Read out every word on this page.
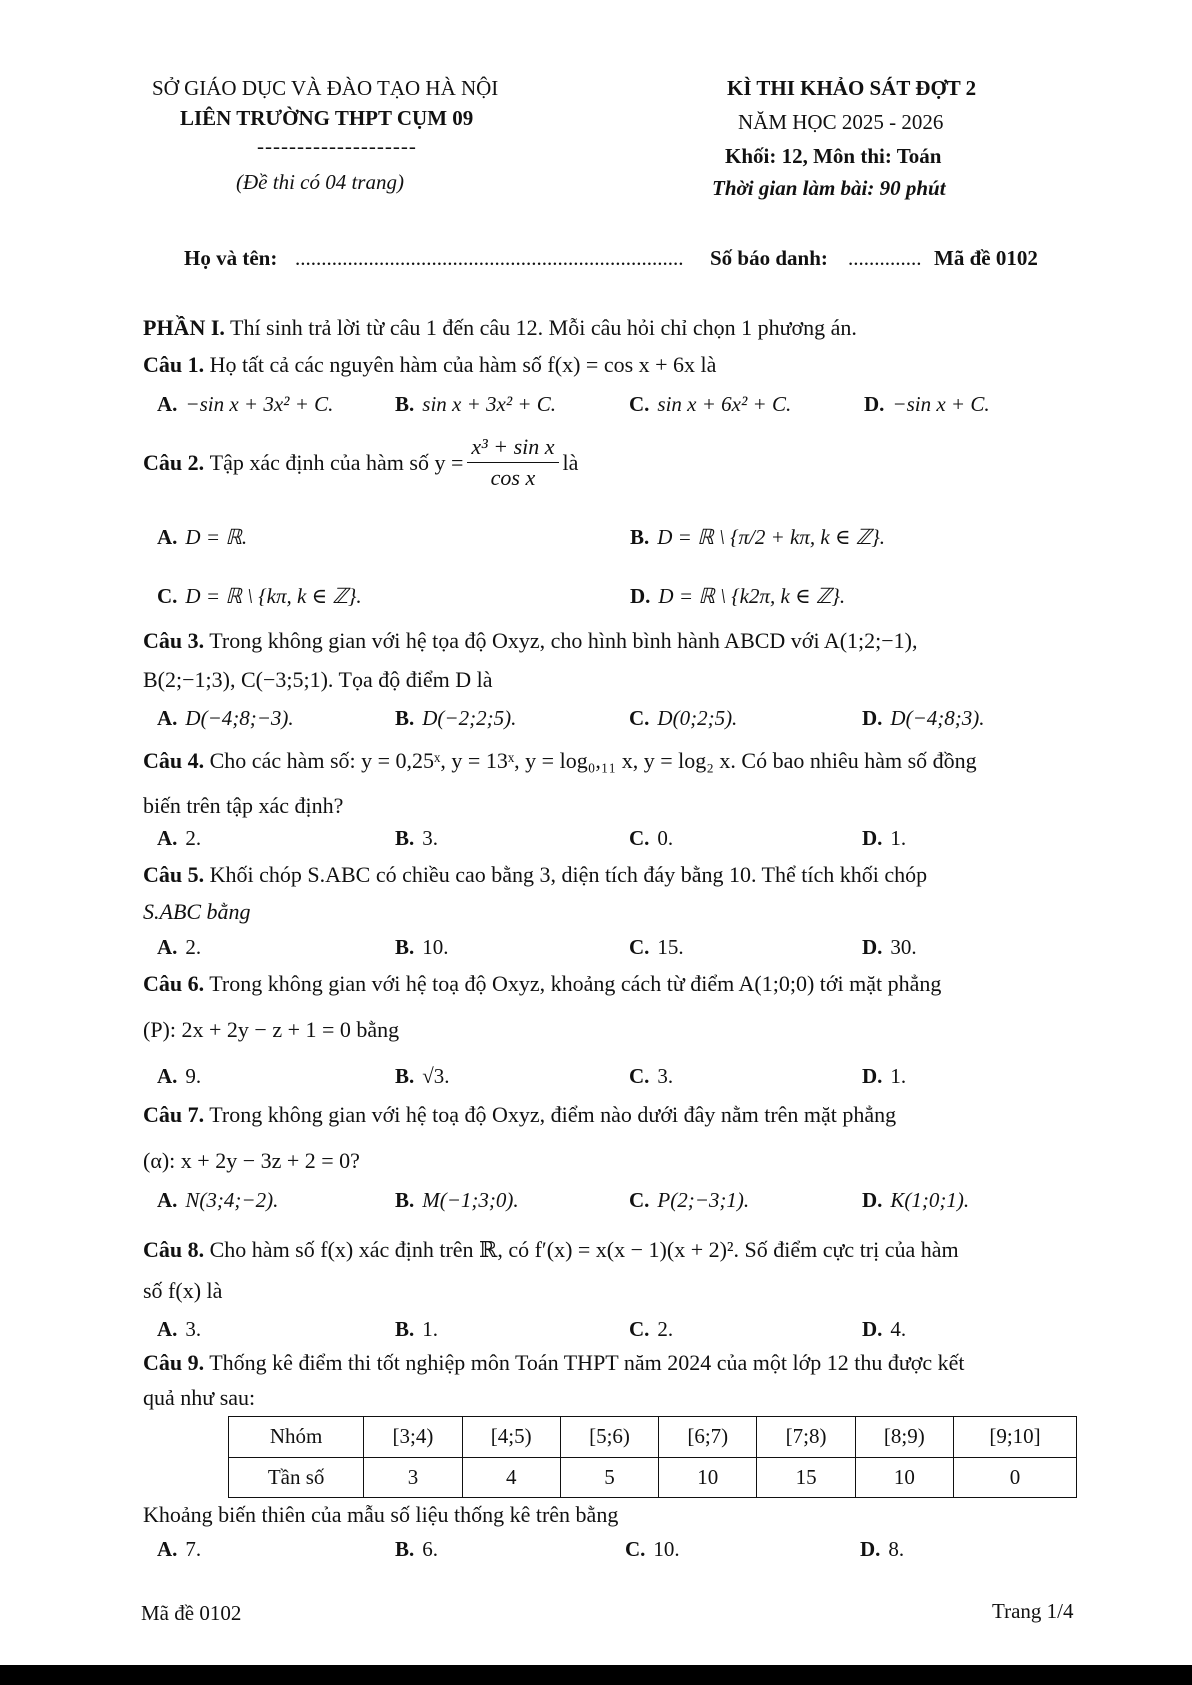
SỞ GIÁO DỤC VÀ ĐÀO TẠO HÀ NỘI
LIÊN TRƯỜNG THPT CỤM 09
--------------------
(Đề thi có 04 trang)
KÌ THI KHẢO SÁT ĐỢT 2
NĂM HỌC 2025 - 2026
Khối: 12, Môn thi: Toán
Thời gian làm bài: 90 phút
Họ và tên: .......................................................................... Số báo danh: .............. Mã đề 0102
PHẦN I. Thí sinh trả lời từ câu 1 đến câu 12. Mỗi câu hỏi chỉ chọn 1 phương án.
Câu 1. Họ tất cả các nguyên hàm của hàm số f(x) = cos x + 6x là
A. −sin x + 3x² + C.	B. sin x + 3x² + C.	C. sin x + 6x² + C.	D. −sin x + C.
Câu 2.
Tập xác định của hàm số $y = \frac{\text{x³ + sin x}}{\text{cos x}}$ là
A. D = ℝ.	B. D = ℝ \ {π/2 + kπ, k ∈ ℤ}.
C. D = ℝ \ {kπ, k ∈ ℤ}.	D. D = ℝ \ {k2π, k ∈ ℤ}.
Câu 3. Trong không gian với hệ tọa độ Oxyz, cho hình bình hành ABCD với A(1;2;−1),
B(2;−1;3), C(−3;5;1). Tọa độ điểm D là
A. D(−4;8;−3).	B. D(−2;2;5).	C. D(0;2;5).	D. D(−4;8;3).
Câu 4. Cho các hàm số: y = 0,25ˣ, y = 13ˣ, y = log₀,₁₁ x, y = log₂ x. Có bao nhiêu hàm số đồng
biến trên tập xác định?
A. 2.	B. 3.	C. 0.	D. 1.
Câu 5. Khối chóp S.ABC có chiều cao bằng 3, diện tích đáy bằng 10. Thể tích khối chóp
S.ABC bằng
A. 2.	B. 10.	C. 15.	D. 30.
Câu 6. Trong không gian với hệ toạ độ Oxyz, khoảng cách từ điểm A(1;0;0) tới mặt phẳng
(P): 2x + 2y − z + 1 = 0 bằng
A. 9.	B. √3.	C. 3.	D. 1.
Câu 7. Trong không gian với hệ toạ độ Oxyz, điểm nào dưới đây nằm trên mặt phẳng
(α): x + 2y − 3z + 2 = 0?
A. N(3;4;−2).	B. M(−1;3;0).	C. P(2;−3;1).	D. K(1;0;1).
Câu 8. Cho hàm số f(x) xác định trên ℝ, có f′(x) = x(x − 1)(x + 2)². Số điểm cực trị của hàm
số f(x) là
A. 3.	B. 1.	C. 2.	D. 4.
Câu 9. Thống kê điểm thi tốt nghiệp môn Toán THPT năm 2024 của một lớp 12 thu được kết
quả như sau:
Nhóm	[3;4)	[4;5)	[5;6)	[6;7)	[7;8)	[8;9)	[9;10]
Tần số	3	4	5	10	15	10	0
Khoảng biến thiên của mẫu số liệu thống kê trên bằng
A. 7.	B. 6.	C. 10.	D. 8.
Mã đề 0102	Trang 1/4
